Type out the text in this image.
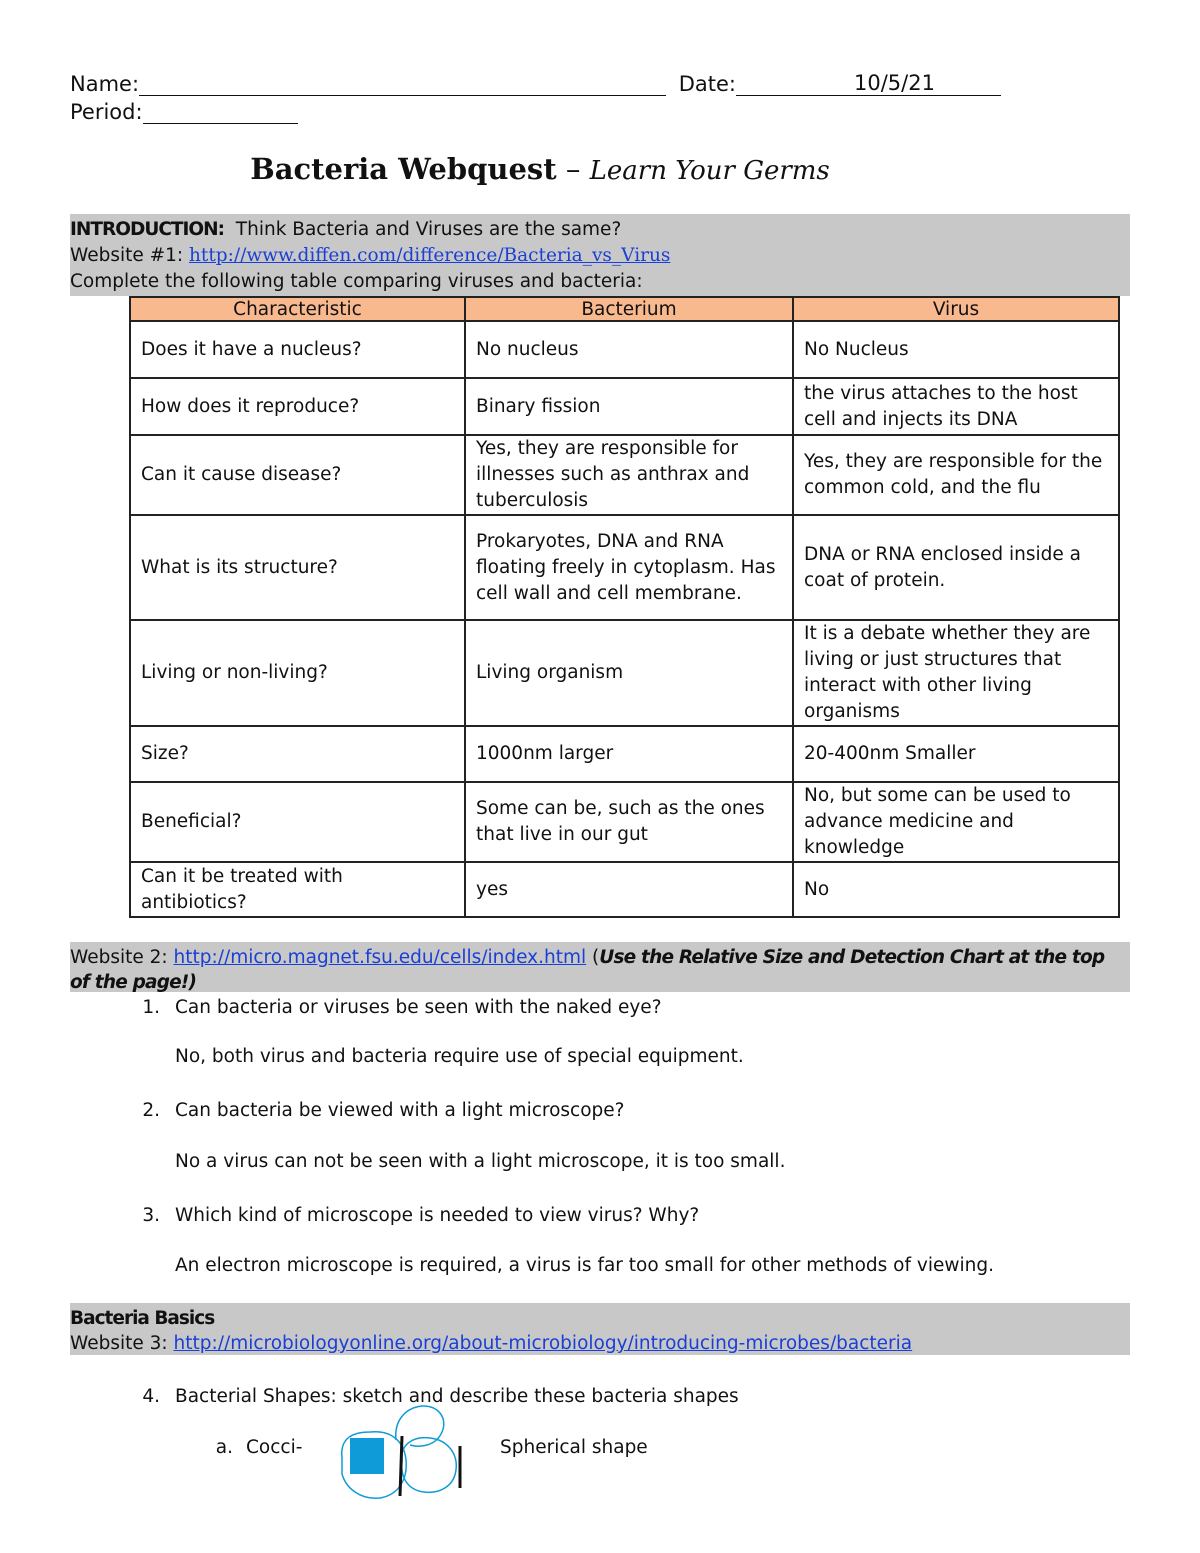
Name:	Date:	10/5/21
Period:
Bacteria Webquest – Learn Your Germs
INTRODUCTION: Think Bacteria and Viruses are the same?
Website #1: http://www.diffen.com/difference/Bacteria_vs_Virus
Complete the following table comparing viruses and bacteria:
Characteristic	Bacterium	Virus
Does it have a nucleus?	No nucleus	No Nucleus
How does it reproduce?	Binary fission	the virus attaches to the host cell and injects its DNA
Can it cause disease?	Yes, they are responsible for illnesses such as anthrax and tuberculosis	Yes, they are responsible for the common cold, and the flu
What is its structure?	Prokaryotes, DNA and RNA floating freely in cytoplasm. Has cell wall and cell membrane.	DNA or RNA enclosed inside a coat of protein.
Living or non-living?	Living organism	It is a debate whether they are living or just structures that interact with other living organisms
Size?	1000nm larger	20-400nm Smaller
Beneficial?	Some can be, such as the ones that live in our gut	No, but some can be used to advance medicine and knowledge
Can it be treated with antibiotics?	yes	No
Website 2: http://micro.magnet.fsu.edu/cells/index.html (Use the Relative Size and Detection Chart at the top of the page!)
1. Can bacteria or viruses be seen with the naked eye?
No, both virus and bacteria require use of special equipment.
2. Can bacteria be viewed with a light microscope?
No a virus can not be seen with a light microscope, it is too small.
3. Which kind of microscope is needed to view virus? Why?
An electron microscope is required, a virus is far too small for other methods of viewing.
Bacteria Basics
Website 3: http://microbiologyonline.org/about-microbiology/introducing-microbes/bacteria
4. Bacterial Shapes: sketch and describe these bacteria shapes
a. Cocci-	Spherical shape
